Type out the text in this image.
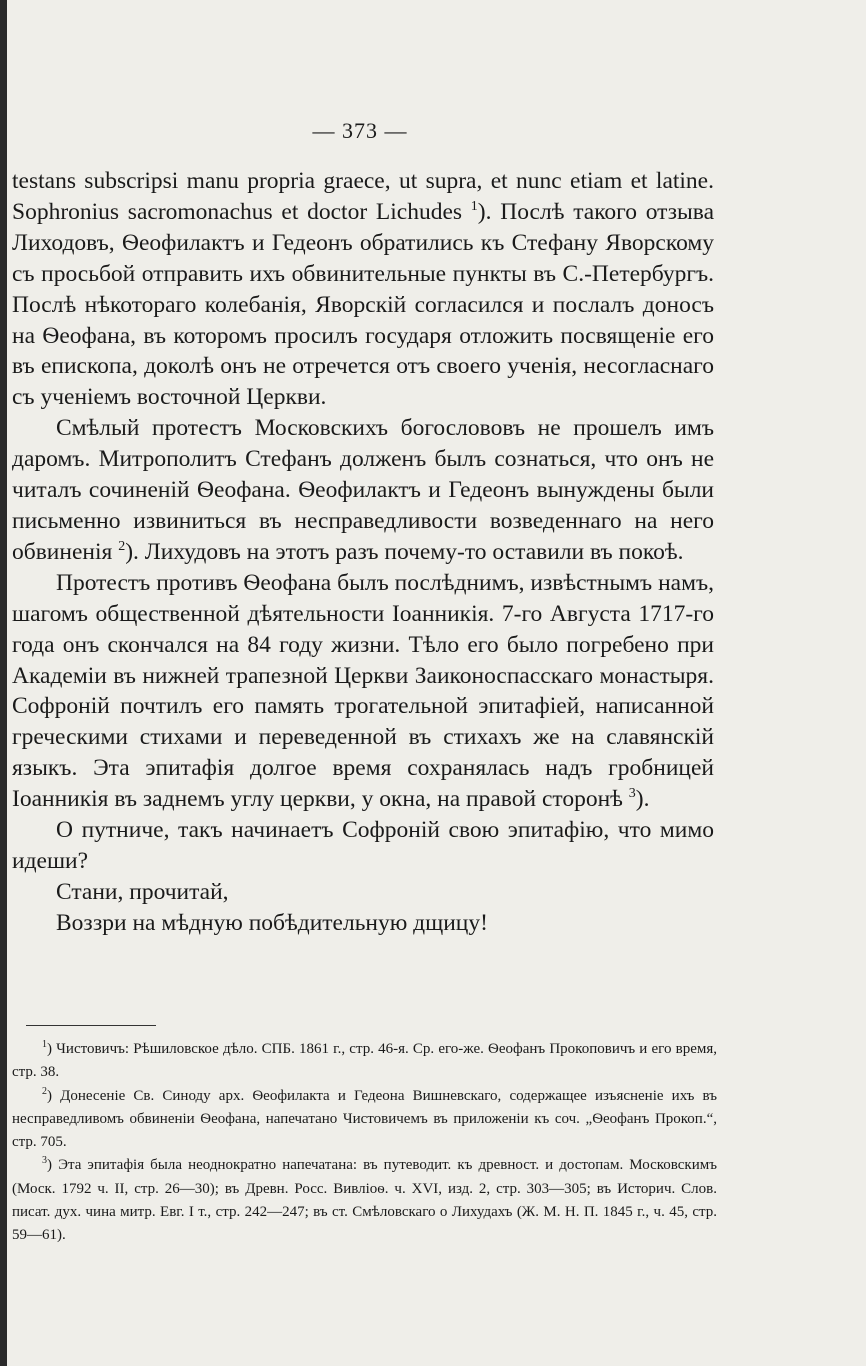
— 373 —

testans subscripsi manu propria graece, ut supra, et nunc etiam et latine. Sophronius sacromonachus et doctor Lichudes $^1$). Послѣ такого отзыва Лиходовъ, Ѳеофилактъ и Гедеонъ обратились къ Стефану Яворскому съ просьбой отправить ихъ обвинительные пункты въ С.-Петербургъ. Послѣ нѣкотораго колебанія, Яворскій согласился и послалъ доносъ на Ѳеофана, въ которомъ просилъ государя отложить посвященіе его въ епископа, доколѣ онъ не отречется отъ своего ученія, несогласнаго съ ученіемъ восточной Церкви.

Смѣлый протестъ Московскихъ богослововъ не прошелъ имъ даромъ. Митрополитъ Стефанъ долженъ былъ сознаться, что онъ не читалъ сочиненій Ѳеофана. Ѳеофилактъ и Гедеонъ вынуждены были письменно извиниться въ несправедливости возведеннаго на него обвиненія $^2$). Лихудовъ на этотъ разъ почему-то оставили въ покоѣ.

Протестъ противъ Ѳеофана былъ послѣднимъ, извѣстнымъ намъ, шагомъ общественной дѣятельности Іоанникія. 7-го Августа 1717-го года онъ скончался на 84 году жизни. Тѣло его было погребено при Академіи въ нижней трапезной Церкви Заиконоспасскаго монастыря. Софроній почтилъ его память трогательной эпитафіей, написанной греческими стихами и переведенной въ стихахъ же на славянскій языкъ. Эта эпитафія долгое время сохранялась надъ гробницей Іоанникія въ заднемъ углу церкви, у окна, на правой сторонѣ $^3$).

О путниче, такъ начинаетъ Софроній свою эпитафію, что мимо идеши?

Стани, прочитай,

Воззри на мѣдную побѣдительную дщицу!

$^1$) Чистовичъ: Рѣшиловское дѣло. СПБ. 1861 г., стр. 46-я. Ср. его-же. Ѳеофанъ Прокоповичъ и его время, стр. 38.

$^2$) Донесеніе Св. Синоду арх. Ѳеофилакта и Гедеона Вишневскаго, содержащее изъясненіе ихъ въ несправедливомъ обвиненіи Ѳеофана, напечатано Чистовичемъ въ приложеніи къ соч. „Ѳеофанъ Прокоп.“, стр. 705.

$^3$) Эта эпитафія была неоднократно напечатана: въ путеводит. къ древност. и достопам. Московскимъ (Моск. 1792 ч. II, стр. 26—30); въ Древн. Росс. Вивліоѳ. ч. XVI, изд. 2, стр. 303—305; въ Историч. Слов. писат. дух. чина митр. Евг. I т., стр. 242—247; въ ст. Смѣловскаго о Лихудахъ (Ж. М. Н. П. 1845 г., ч. 45, стр. 59—61).
